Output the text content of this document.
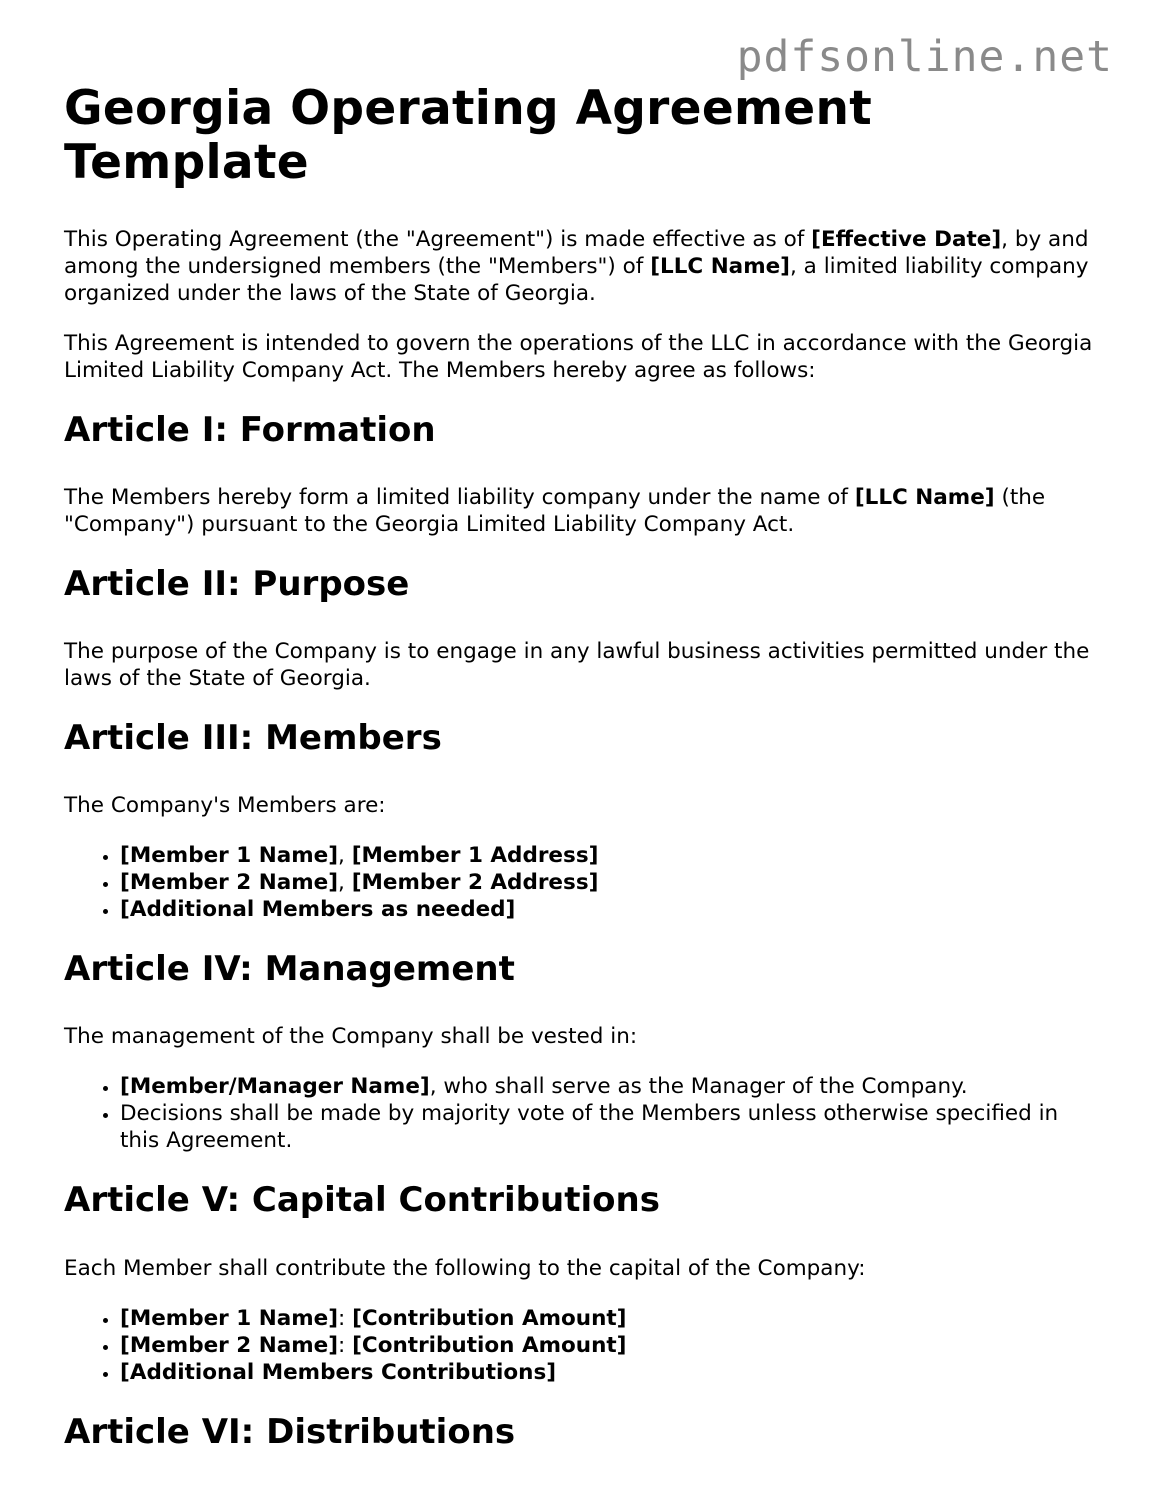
pdfsonline.net
Georgia Operating Agreement Template

This Operating Agreement (the "Agreement") is made effective as of [Effective Date], by and among the undersigned members (the "Members") of [LLC Name], a limited liability company organized under the laws of the State of Georgia.

This Agreement is intended to govern the operations of the LLC in accordance with the Georgia Limited Liability Company Act. The Members hereby agree as follows:

Article I: Formation

The Members hereby form a limited liability company under the name of [LLC Name] (the "Company") pursuant to the Georgia Limited Liability Company Act.

Article II: Purpose

The purpose of the Company is to engage in any lawful business activities permitted under the laws of the State of Georgia.

Article III: Members

The Company's Members are:

• [Member 1 Name], [Member 1 Address]
• [Member 2 Name], [Member 2 Address]
• [Additional Members as needed]
Article IV: Management

The management of the Company shall be vested in:

• [Member/Manager Name], who shall serve as the Manager of the Company.
• Decisions shall be made by majority vote of the Members unless otherwise specified in this Agreement.
Article V: Capital Contributions

Each Member shall contribute the following to the capital of the Company:

• [Member 1 Name]: [Contribution Amount]
• [Member 2 Name]: [Contribution Amount]
• [Additional Members Contributions]
Article VI: Distributions
